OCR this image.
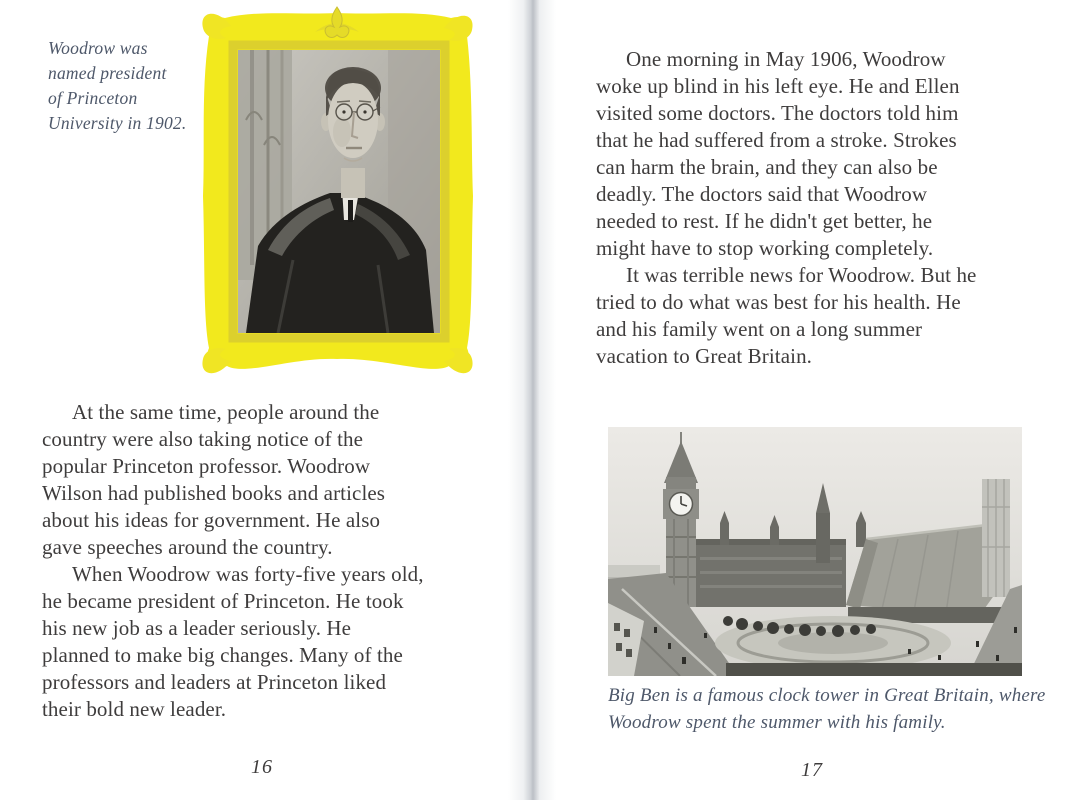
Woodrow was
named president
of Princeton
University in 1902.
At the same time, people around the
country were also taking notice of the
popular Princeton professor. Woodrow
Wilson had published books and articles
about his ideas for government. He also
gave speeches around the country.
When Woodrow was forty-five years old,
he became president of Princeton. He took
his new job as a leader seriously. He
planned to make big changes. Many of the
professors and leaders at Princeton liked
their bold new leader.
16
One morning in May 1906, Woodrow
woke up blind in his left eye. He and Ellen
visited some doctors. The doctors told him
that he had suffered from a stroke. Strokes
can harm the brain, and they can also be
deadly. The doctors said that Woodrow
needed to rest. If he didn't get better, he
might have to stop working completely.
It was terrible news for Woodrow. But he
tried to do what was best for his health. He
and his family went on a long summer
vacation to Great Britain.
Big Ben is a famous clock tower in Great Britain, where
Woodrow spent the summer with his family.
17
